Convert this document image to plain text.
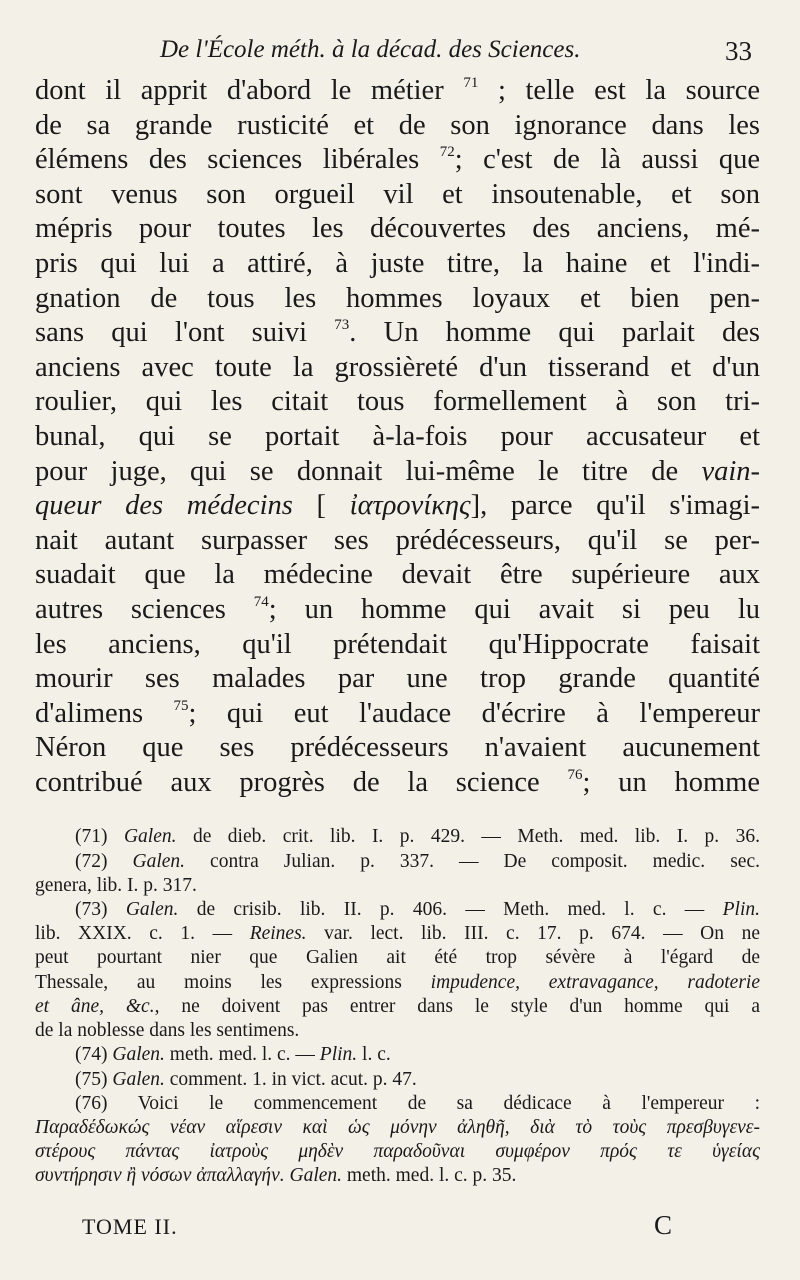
De l'École méth. à la décad. des Sciences.	33
dont il apprit d'abord le métier $^{71}$ ; telle est la source
de sa grande rusticité et de son ignorance dans les
élémens des sciences libérales $^{72}$; c'est de là aussi que
sont venus son orgueil vil et insoutenable, et son
mépris pour toutes les découvertes des anciens, mé-
pris qui lui a attiré, à juste titre, la haine et l'indi-
gnation de tous les hommes loyaux et bien pen-
sans qui l'ont suivi $^{73}$. Un homme qui parlait des
anciens avec toute la grossièreté d'un tisserand et d'un
roulier, qui les citait tous formellement à son tri-
bunal, qui se portait à-la-fois pour accusateur et
pour juge, qui se donnait lui-même le titre de vain-
queur des médecins [ ἰατρονίκης], parce qu'il s'imagi-
nait autant surpasser ses prédécesseurs, qu'il se per-
suadait que la médecine devait être supérieure aux
autres sciences $^{74}$; un homme qui avait si peu lu
les anciens, qu'il prétendait qu'Hippocrate faisait
mourir ses malades par une trop grande quantité
d'alimens $^{75}$; qui eut l'audace d'écrire à l'empereur
Néron que ses prédécesseurs n'avaient aucunement
contribué aux progrès de la science $^{76}$; un homme
(71) Galen. de dieb. crit. lib. I. p. 429. — Meth. med. lib. I. p. 36.
(72) Galen. contra Julian. p. 337. — De composit. medic. sec.
genera, lib. I. p. 317.
(73) Galen. de crisib. lib. II. p. 406. — Meth. med. l. c. — Plin.
lib. XXIX. c. 1. — Reines. var. lect. lib. III. c. 17. p. 674. — On ne
peut pourtant nier que Galien ait été trop sévère à l'égard de
Thessale, au moins les expressions impudence, extravagance, radoterie
et âne, &c., ne doivent pas entrer dans le style d'un homme qui a
de la noblesse dans les sentimens.
(74) Galen. meth. med. l. c. — Plin. l. c.
(75) Galen. comment. 1. in vict. acut. p. 47.
(76) Voici le commencement de sa dédicace à l'empereur :
Παραδέδωκώς νέαν αἵρεσιν καὶ ὡς μόνην ἀληθῆ, διὰ τὸ τοὺς πρεσβυγενε-
στέρους πάντας ἰατροὺς μηδὲν παραδοῦναι συμφέρον πρός τε ὑγείας
συντήρησιν ἢ νόσων ἀπαλλαγήν. Galen. meth. med. l. c. p. 35.
TOME II.	C
